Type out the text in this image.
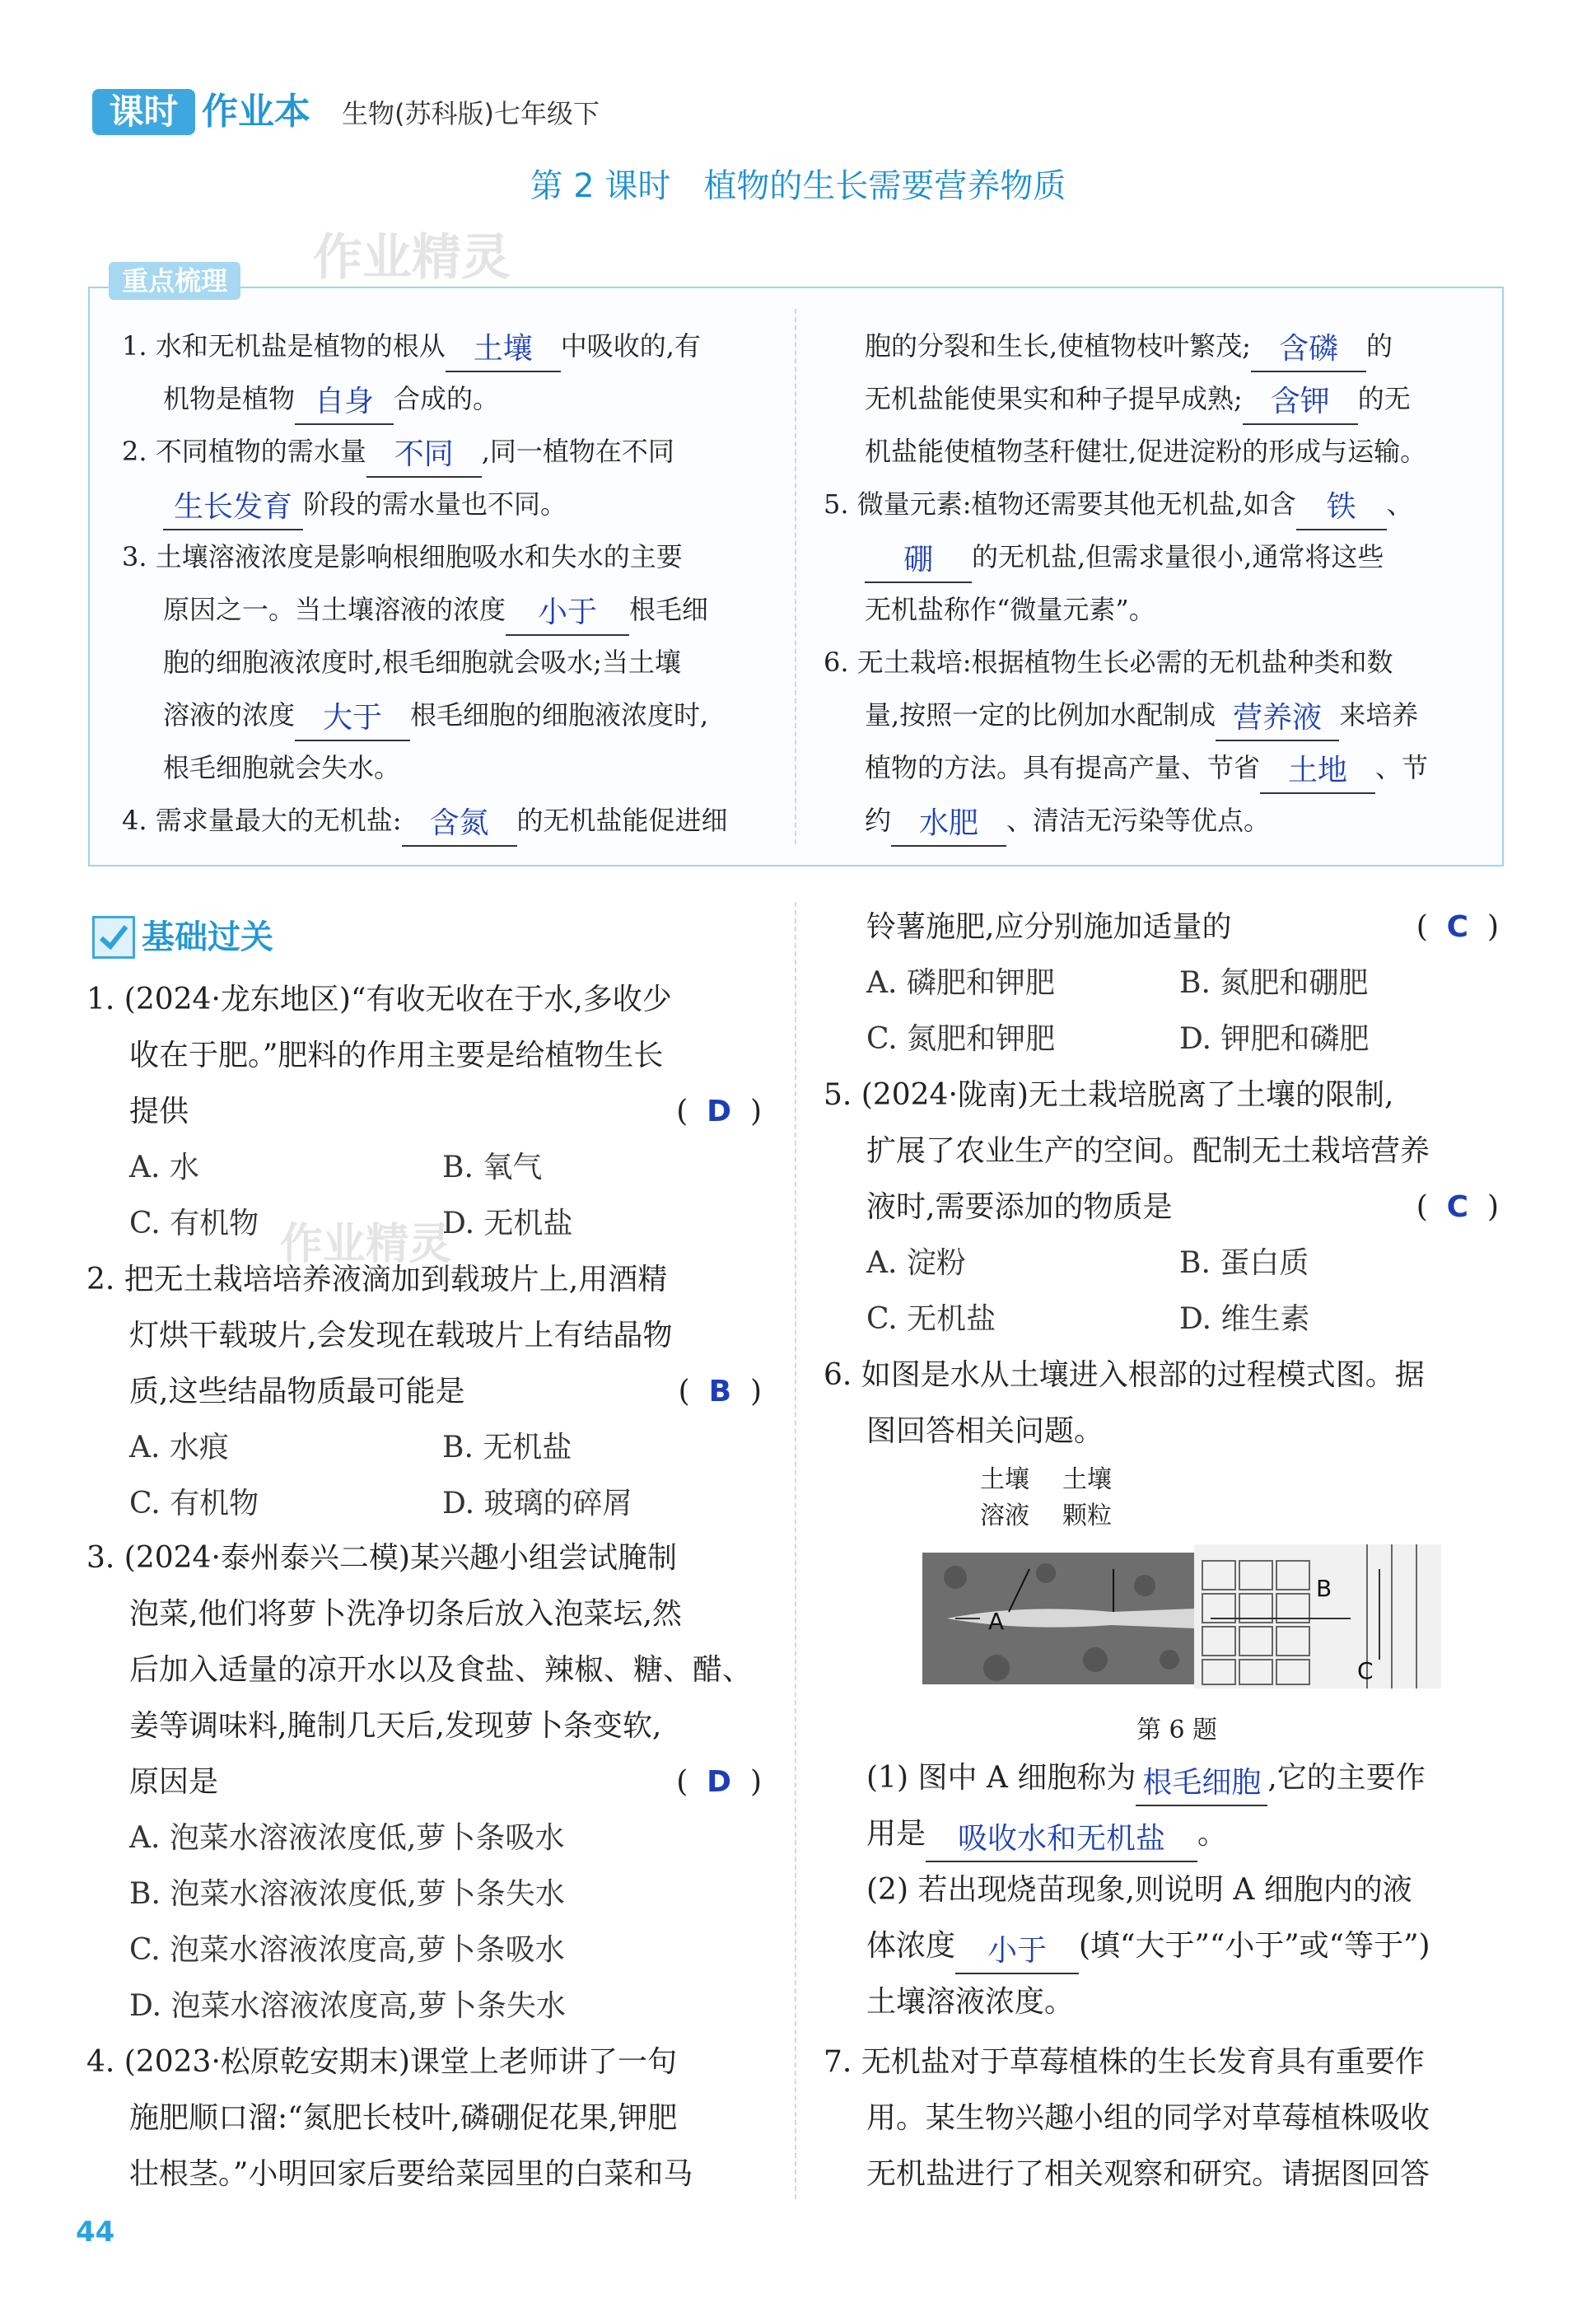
课时 作业本 生物(苏科版)七年级下
第 2 课时　植物的生长需要营养物质
作业精灵
重点梳理
1. 水和无机盐是植物的根从 土壤 中吸收的,有
机物是植物 自身 合成的。
2. 不同植物的需水量 不同 ,同一植物在不同
生长发育 阶段的需水量也不同。
3. 土壤溶液浓度是影响根细胞吸水和失水的主要
原因之一。当土壤溶液的浓度 小于 根毛细
胞的细胞液浓度时,根毛细胞就会吸水;当土壤
溶液的浓度 大于 根毛细胞的细胞液浓度时,
根毛细胞就会失水。
4. 需求量最大的无机盐: 含氮 的无机盐能促进细
胞的分裂和生长,使植物枝叶繁茂; 含磷 的
无机盐能使果实和种子提早成熟; 含钾 的无
机盐能使植物茎秆健壮,促进淀粉的形成与运输。
5. 微量元素:植物还需要其他无机盐,如含 铁 、
硼 的无机盐,但需求量很小,通常将这些
无机盐称作“微量元素”。
6. 无土栽培:根据植物生长必需的无机盐种类和数
量,按照一定的比例加水配制成 营养液 来培养
植物的方法。具有提高产量、节省 土地 、节
约 水肥 、清洁无污染等优点。
基础过关
1. (2024·龙东地区)“有收无收在于水,多收少
收在于肥。”肥料的作用主要是给植物生长
提供	(  D  )
A. 水	B. 氧气
C. 有机物	D. 无机盐
作业精灵
2. 把无土栽培培养液滴加到载玻片上,用酒精
灯烘干载玻片,会发现在载玻片上有结晶物
质,这些结晶物质最可能是	(  B  )
A. 水痕	B. 无机盐
C. 有机物	D. 玻璃的碎屑
3. (2024·泰州泰兴二模)某兴趣小组尝试腌制
泡菜,他们将萝卜洗净切条后放入泡菜坛,然
后加入适量的凉开水以及食盐、辣椒、糖、醋、
姜等调味料,腌制几天后,发现萝卜条变软,
原因是	(  D  )
A. 泡菜水溶液浓度低,萝卜条吸水
B. 泡菜水溶液浓度低,萝卜条失水
C. 泡菜水溶液浓度高,萝卜条吸水
D. 泡菜水溶液浓度高,萝卜条失水
4. (2023·松原乾安期末)课堂上老师讲了一句
施肥顺口溜:“氮肥长枝叶,磷硼促花果,钾肥
壮根茎。”小明回家后要给菜园里的白菜和马
铃薯施肥,应分别施加适量的	(  C  )
A. 磷肥和钾肥	B. 氮肥和硼肥
C. 氮肥和钾肥	D. 钾肥和磷肥
5. (2024·陇南)无土栽培脱离了土壤的限制,
扩展了农业生产的空间。配制无土栽培营养
液时,需要添加的物质是	(  C  )
A. 淀粉	B. 蛋白质
C. 无机盐	D. 维生素
6. 如图是水从土壤进入根部的过程模式图。据
图回答相关问题。
土壤
溶液
土壤
颗粒
A
B
C
第 6 题
(1) 图中 A 细胞称为 根毛细胞 ,它的主要作
用是 吸收水和无机盐 。
(2) 若出现烧苗现象,则说明 A 细胞内的液
体浓度 小于 (填“大于”“小于”或“等于”)
土壤溶液浓度。
7. 无机盐对于草莓植株的生长发育具有重要作
用。某生物兴趣小组的同学对草莓植株吸收
无机盐进行了相关观察和研究。请据图回答
44
